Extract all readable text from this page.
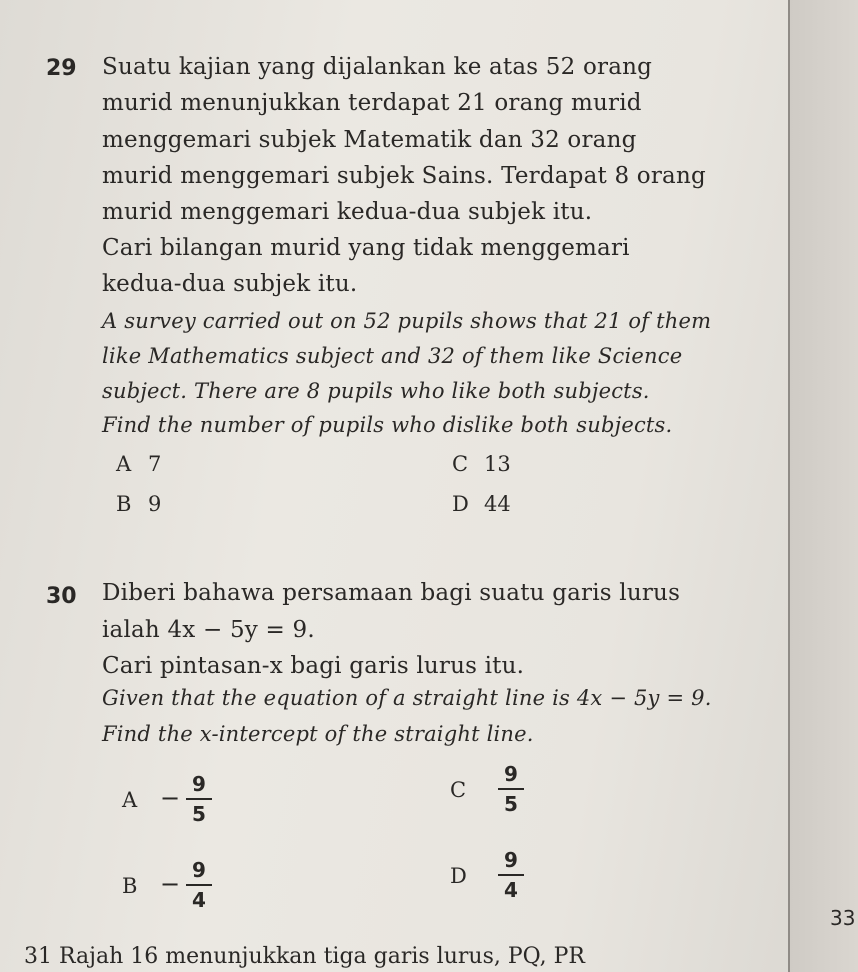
29 Suatu kajian yang dijalankan ke atas 52 orang
murid menunjukkan terdapat 21 orang murid
menggemari subjek Matematik dan 32 orang
murid menggemari subjek Sains. Terdapat 8 orang
murid menggemari kedua-dua subjek itu.
Cari bilangan murid yang tidak menggemari
kedua-dua subjek itu.
A survey carried out on 52 pupils shows that 21 of them
like Mathematics subject and 32 of them like Science
subject. There are 8 pupils who like both subjects.
Find the number of pupils who dislike both subjects.
A 7
B 9
C 13
D 44
30 Diberi bahawa persamaan bagi suatu garis lurus
ialah 4x − 5y = 9.
Cari pintasan-x bagi garis lurus itu.
Given that the equation of a straight line is 4x − 5y = 9.
Find the x-intercept of the straight line.
A − 9
5
B − 9
4
C
9
5
D
9
4
33
31 Rajah 16 menunjukkan tiga garis lurus, PQ, PR
